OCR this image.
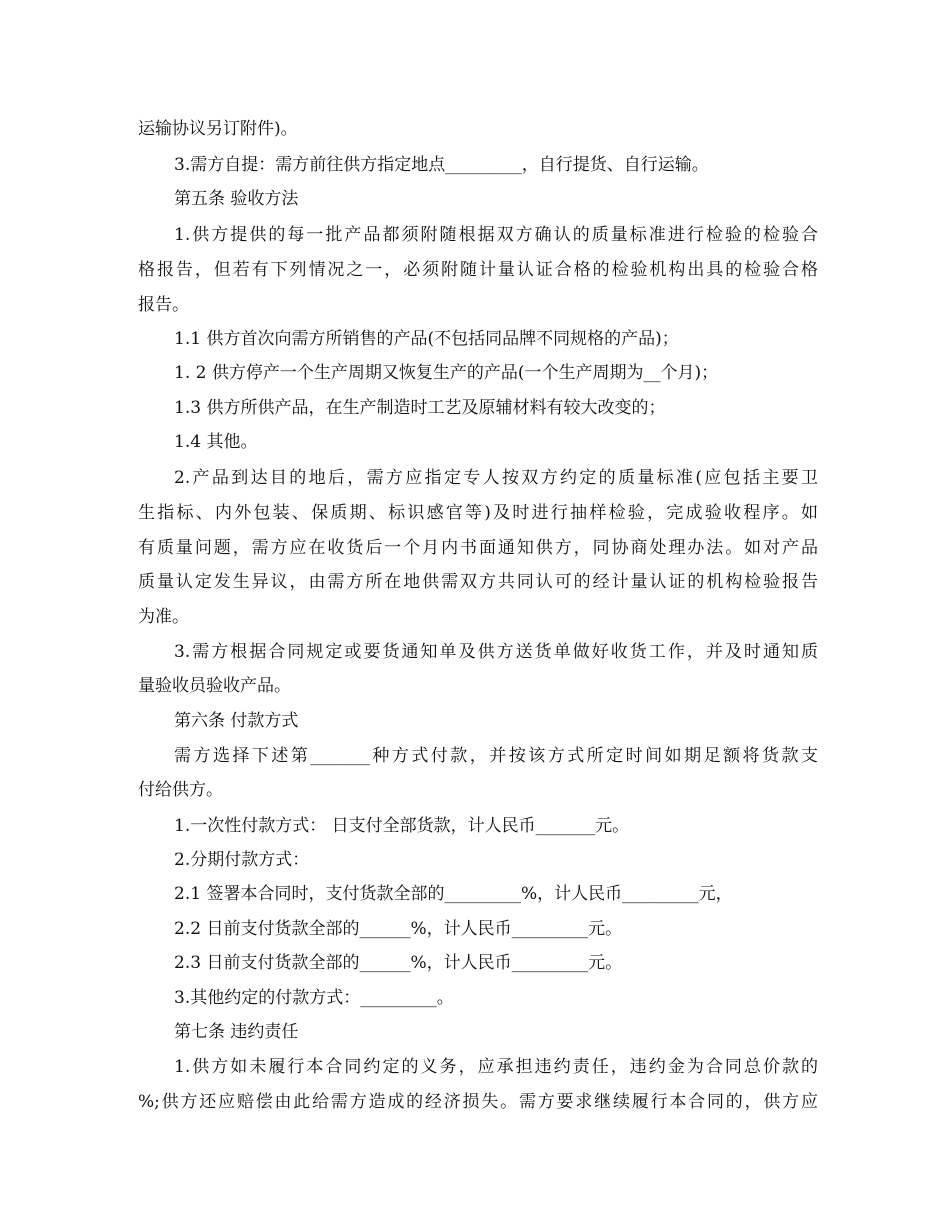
运输协议另订附件)。
3.需方自提：需方前往供方指定地点_________，自行提货、自行运输。
第五条 验收方法
1.供方提供的每一批产品都须附随根据双方确认的质量标准进行检验的检验合
格报告，但若有下列情况之一，必须附随计量认证合格的检验机构出具的检验合格
报告。
1.1 供方首次向需方所销售的产品(不包括同品牌不同规格的产品)；
1. 2 供方停产一个生产周期又恢复生产的产品(一个生产周期为__个月)；
1.3 供方所供产品，在生产制造时工艺及原辅材料有较大改变的；
1.4 其他。
2.产品到达目的地后，需方应指定专人按双方约定的质量标准(应包括主要卫
生指标、内外包装、保质期、标识感官等)及时进行抽样检验，完成验收程序。如
有质量问题，需方应在收货后一个月内书面通知供方，同协商处理办法。如对产品
质量认定发生异议，由需方所在地供需双方共同认可的经计量认证的机构检验报告
为准。
3.需方根据合同规定或要货通知单及供方送货单做好收货工作，并及时通知质
量验收员验收产品。
第六条 付款方式
需方选择下述第_______种方式付款，并按该方式所定时间如期足额将货款支
付给供方。
1.一次性付款方式： 日支付全部货款，计人民币_______元。
2.分期付款方式：
2.1 签署本合同时，支付货款全部的_________%，计人民币_________元，
2.2 日前支付货款全部的______%，计人民币_________元。
2.3 日前支付货款全部的______%，计人民币_________元。
3.其他约定的付款方式：_________。
第七条 违约责任
1.供方如未履行本合同约定的义务，应承担违约责任，违约金为合同总价款的
%;供方还应赔偿由此给需方造成的经济损失。需方要求继续履行本合同的，供方应
